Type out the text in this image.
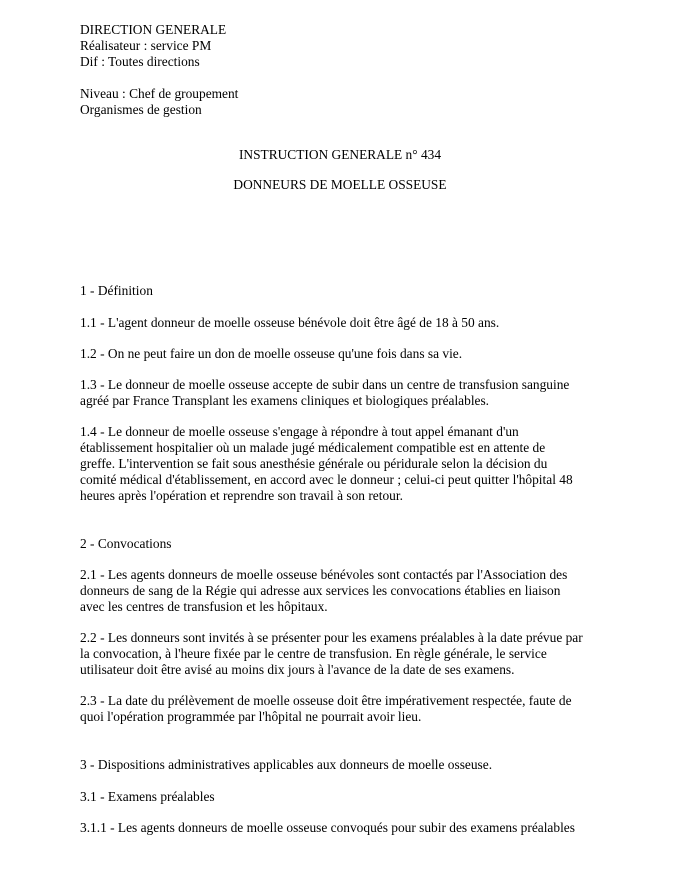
DIRECTION GENERALE
Réalisateur : service PM
Dif : Toutes directions
Niveau : Chef de groupement
Organismes de gestion
INSTRUCTION GENERALE n° 434
DONNEURS DE MOELLE OSSEUSE
1 - Définition
1.1 - L'agent donneur de moelle osseuse bénévole doit être âgé de 18 à 50 ans.
1.2 - On ne peut faire un don de moelle osseuse qu'une fois dans sa vie.
1.3 - Le donneur de moelle osseuse accepte de subir dans un centre de transfusion sanguine
agréé par France Transplant les examens cliniques et biologiques préalables.
1.4 - Le donneur de moelle osseuse s'engage à répondre à tout appel émanant d'un
établissement hospitalier où un malade jugé médicalement compatible est en attente de
greffe. L'intervention se fait sous anesthésie générale ou péridurale selon la décision du
comité médical d'établissement, en accord avec le donneur ; celui-ci peut quitter l'hôpital 48
heures après l'opération et reprendre son travail à son retour.
2 - Convocations
2.1 - Les agents donneurs de moelle osseuse bénévoles sont contactés par l'Association des
donneurs de sang de la Régie qui adresse aux services les convocations établies en liaison
avec les centres de transfusion et les hôpitaux.
2.2 - Les donneurs sont invités à se présenter pour les examens préalables à la date prévue par
la convocation, à l'heure fixée par le centre de transfusion. En règle générale, le service
utilisateur doit être avisé au moins dix jours à l'avance de la date de ses examens.
2.3 - La date du prélèvement de moelle osseuse doit être impérativement respectée, faute de
quoi l'opération programmée par l'hôpital ne pourrait avoir lieu.
3 - Dispositions administratives applicables aux donneurs de moelle osseuse.
3.1 - Examens préalables
3.1.1 - Les agents donneurs de moelle osseuse convoqués pour subir des examens préalables
